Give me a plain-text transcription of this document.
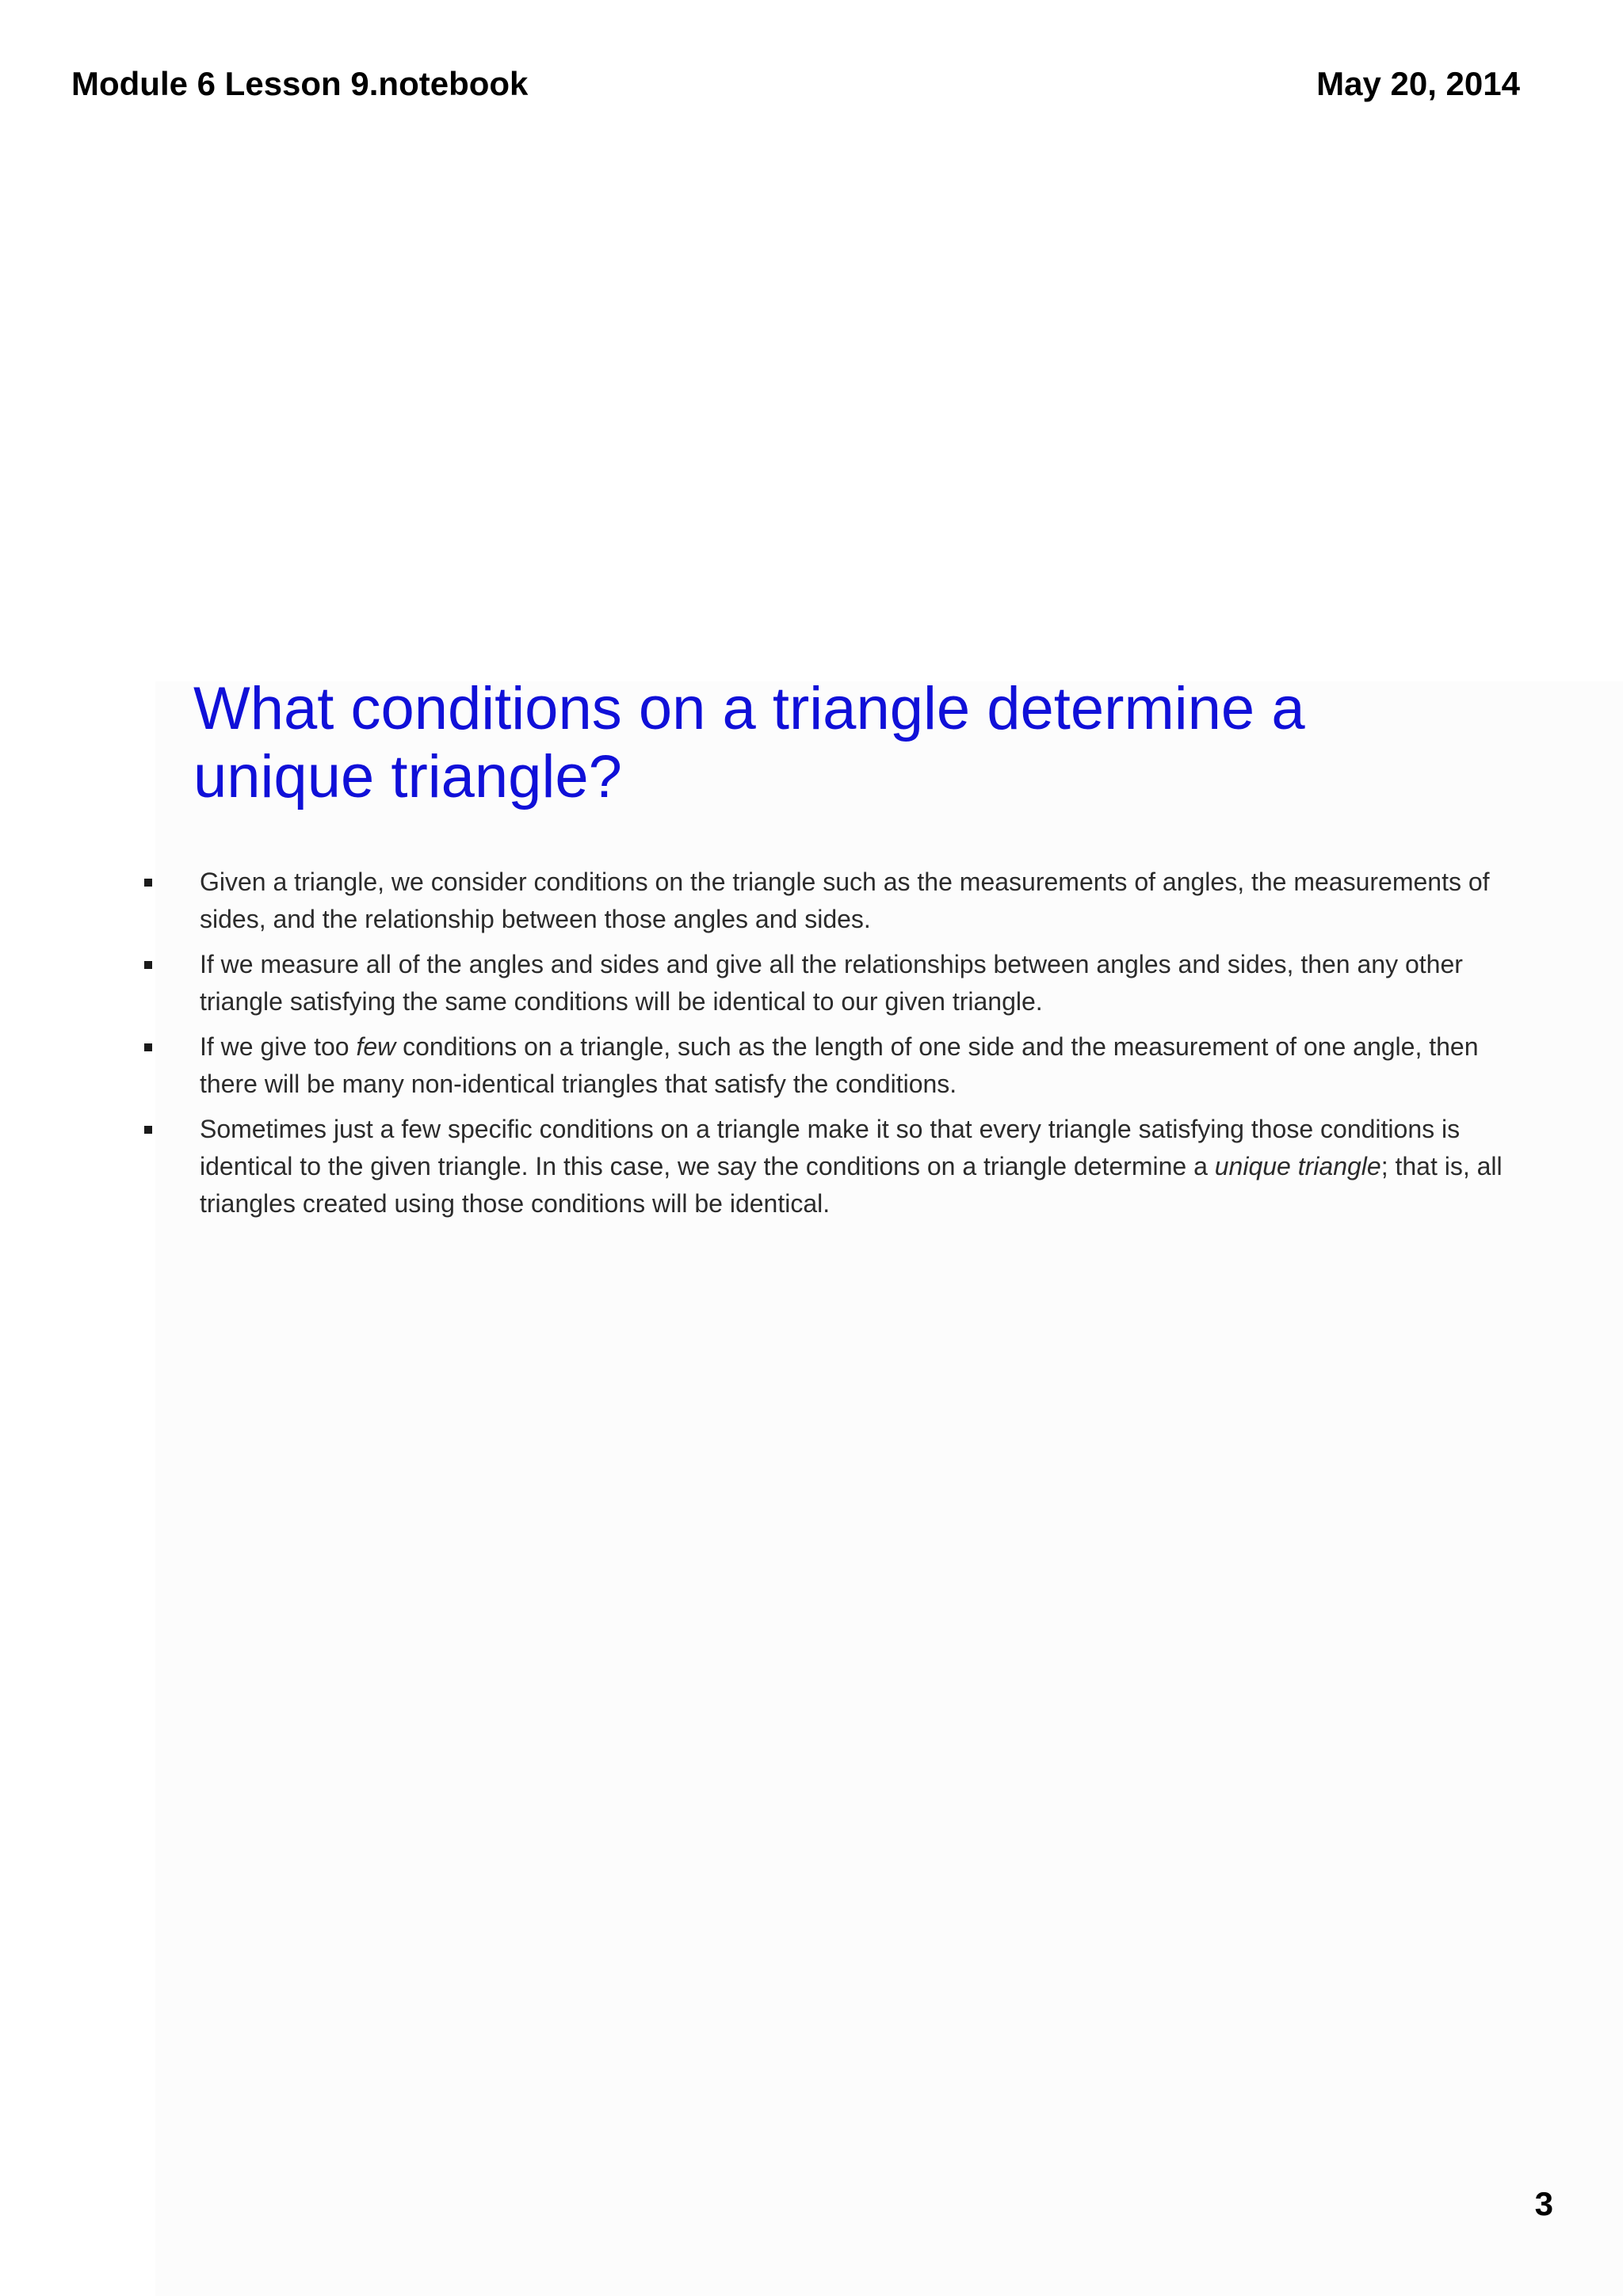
Module 6 Lesson 9.notebook	May 20, 2014
What conditions on a triangle determine a unique triangle?
Given a triangle, we consider conditions on the triangle such as the measurements of angles, the measurements of sides, and the relationship between those angles and sides.
If we measure all of the angles and sides and give all the relationships between angles and sides, then any other triangle satisfying the same conditions will be identical to our given triangle.
If we give too few conditions on a triangle, such as the length of one side and the measurement of one angle, then there will be many non-identical triangles that satisfy the conditions.
Sometimes just a few specific conditions on a triangle make it so that every triangle satisfying those conditions is identical to the given triangle. In this case, we say the conditions on a triangle determine a unique triangle; that is, all triangles created using those conditions will be identical.
3
